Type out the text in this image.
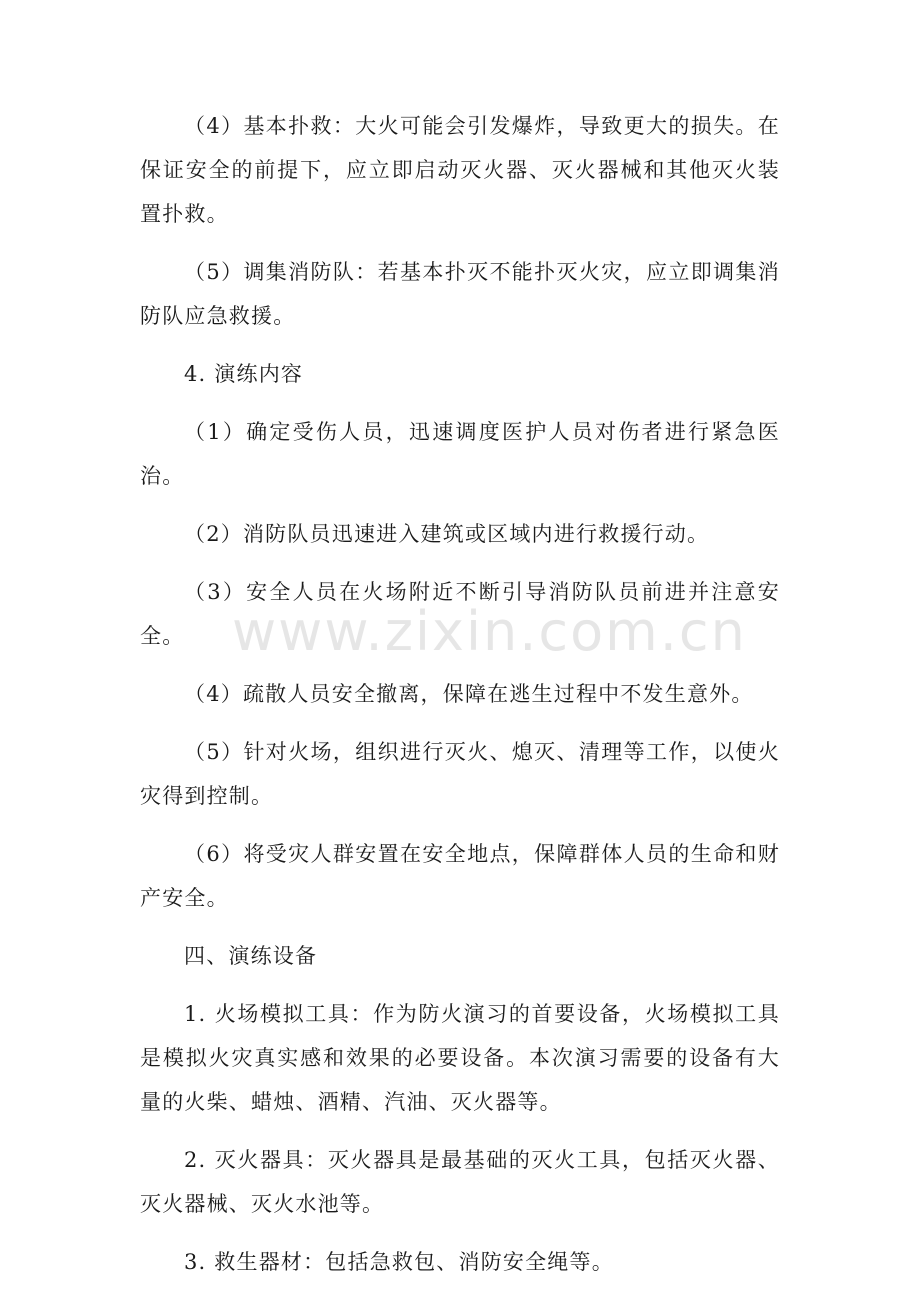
（4）基本扑救：大火可能会引发爆炸，导致更大的损失。在保证安全的前提下，应立即启动灭火器、灭火器械和其他灭火装置扑救。

（5）调集消防队：若基本扑灭不能扑灭火灾，应立即调集消防队应急救援。

4. 演练内容

（1）确定受伤人员，迅速调度医护人员对伤者进行紧急医治。

（2）消防队员迅速进入建筑或区域内进行救援行动。

（3）安全人员在火场附近不断引导消防队员前进并注意安全。

（4）疏散人员安全撤离，保障在逃生过程中不发生意外。

（5）针对火场，组织进行灭火、熄灭、清理等工作，以使火灾得到控制。

（6）将受灾人群安置在安全地点，保障群体人员的生命和财产安全。

四、演练设备

1. 火场模拟工具：作为防火演习的首要设备，火场模拟工具是模拟火灾真实感和效果的必要设备。本次演习需要的设备有大量的火柴、蜡烛、酒精、汽油、灭火器等。

2. 灭火器具：灭火器具是最基础的灭火工具，包括灭火器、灭火器械、灭火水池等。

3. 救生器材：包括急救包、消防安全绳等。

www.zixin.com.cn
